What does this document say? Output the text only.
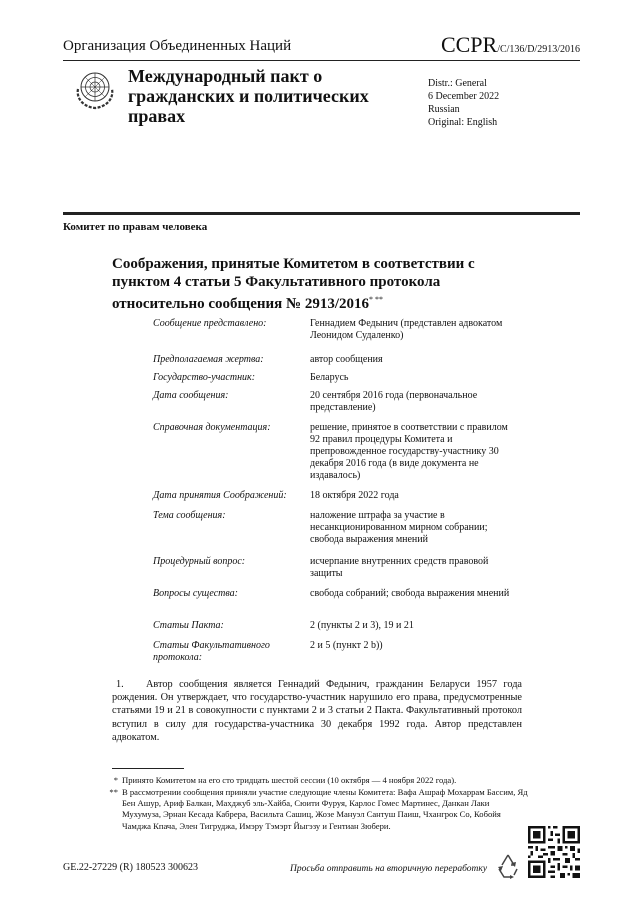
Организация Объединенных Наций	CCPR/C/136/D/2913/2016
Международный пакт о гражданских и политических правах
Distr.: General
6 December 2022
Russian
Original: English
Комитет по правам человека
Соображения, принятые Комитетом в соответствии с пунктом 4 статьи 5 Факультативного протокола относительно сообщения № 2913/2016* **
Сообщение представлено:	Геннадием Федынич (представлен адвокатом Леонидом Судаленко)
Предполагаемая жертва:	автор сообщения
Государство-участник:	Беларусь
Дата сообщения:	20 сентября 2016 года (первоначальное представление)
Справочная документация:	решение, принятое в соответствии с правилом 92 правил процедуры Комитета и препровожденное государству-участнику 30 декабря 2016 года (в виде документа не издавалось)
Дата принятия Соображений:	18 октября 2022 года
Тема сообщения:	наложение штрафа за участие в несанкционированном мирном собрании; свобода выражения мнений
Процедурный вопрос:	исчерпание внутренних средств правовой защиты
Вопросы существа:	свобода собраний; свобода выражения мнений
Статьи Пакта:	2 (пункты 2 и 3), 19 и 21
Статьи Факультативного протокола:
2 и 5 (пункт 2 b))
1. Автор сообщения является Геннадий Федынич, гражданин Беларуси 1957 года рождения. Он утверждает, что государство-участник нарушило его права, предусмотренные статьями 19 и 21 в совокупности с пунктами 2 и 3 статьи 2 Пакта. Факультативный протокол вступил в силу для государства-участника 30 декабря 1992 года. Автор представлен адвокатом.
* Принято Комитетом на его сто тридцать шестой сессии (10 октября — 4 ноября 2022 года).
** В рассмотрении сообщения приняли участие следующие члены Комитета: Вафа Ашраф Мохаррам Бассим, Яд Бен Ашур, Ариф Балкан, Махджуб эль-Хайба, Сюити Фуруя, Карлос Гомес Мартинес, Данкан Лаки Мухумуза, Эрнан Кесада Кабрера, Васильта Сашиц, Жозе Мануэл Сантуш Паиш, Чхангрок Со, Кобойя Чамджа Кпача, Элен Тигруджа, Имэру Тэмэрт Йыгэзу и Гентиан Зюбери.
GE.22-27229 (R) 180523 300623	Просьба отправить на вторичную переработку
